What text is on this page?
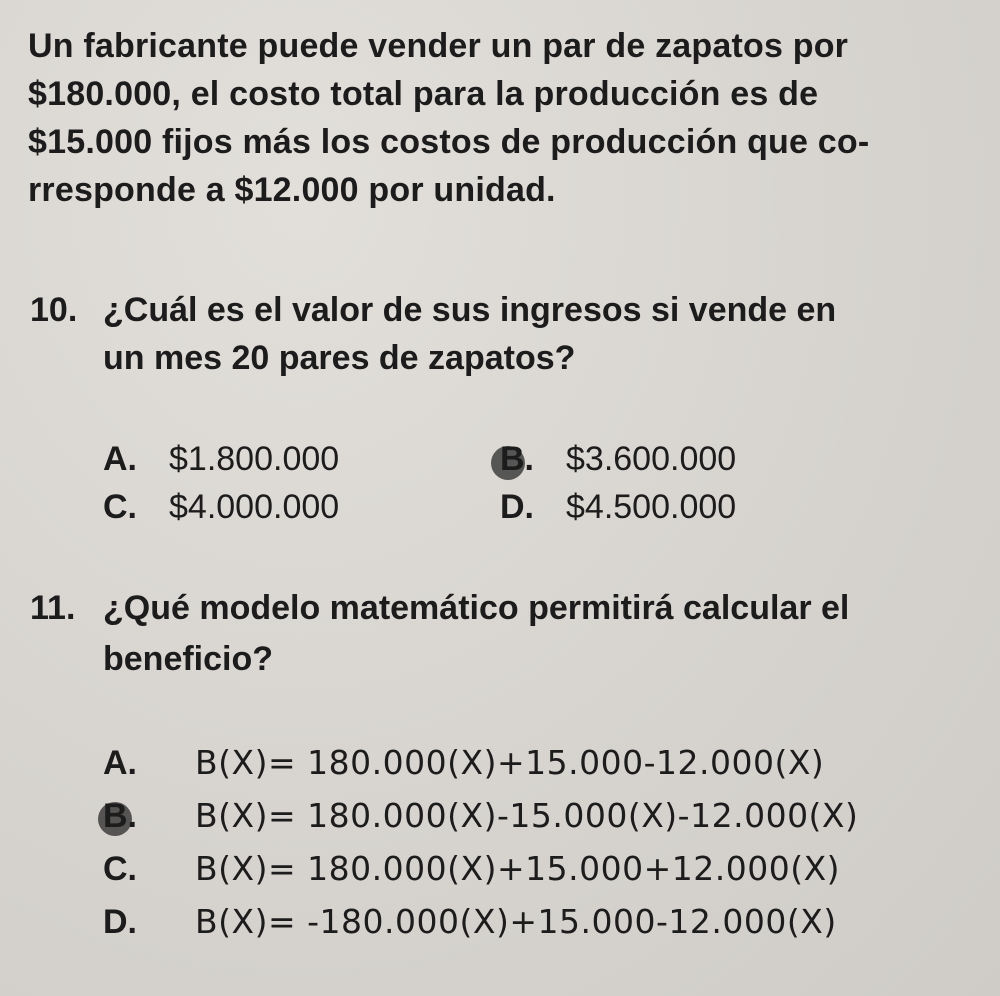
Un fabricante puede vender un par de zapatos por
$180.000, el costo total para la producción es de
$15.000 fijos más los costos de producción que co-
rresponde a $12.000 por unidad.
10. ¿Cuál es el valor de sus ingresos si vende en
un mes 20 pares de zapatos?
A. $1.800.000	B. $3.600.000
C. $4.000.000	D. $4.500.000
11. ¿Qué modelo matemático permitirá calcular el
beneficio?
A. B(X)= 180.000(X)+15.000-12.000(X)
B. B(X)= 180.000(X)-15.000(X)-12.000(X)
C. B(X)= 180.000(X)+15.000+12.000(X)
D. B(X)= -180.000(X)+15.000-12.000(X)
